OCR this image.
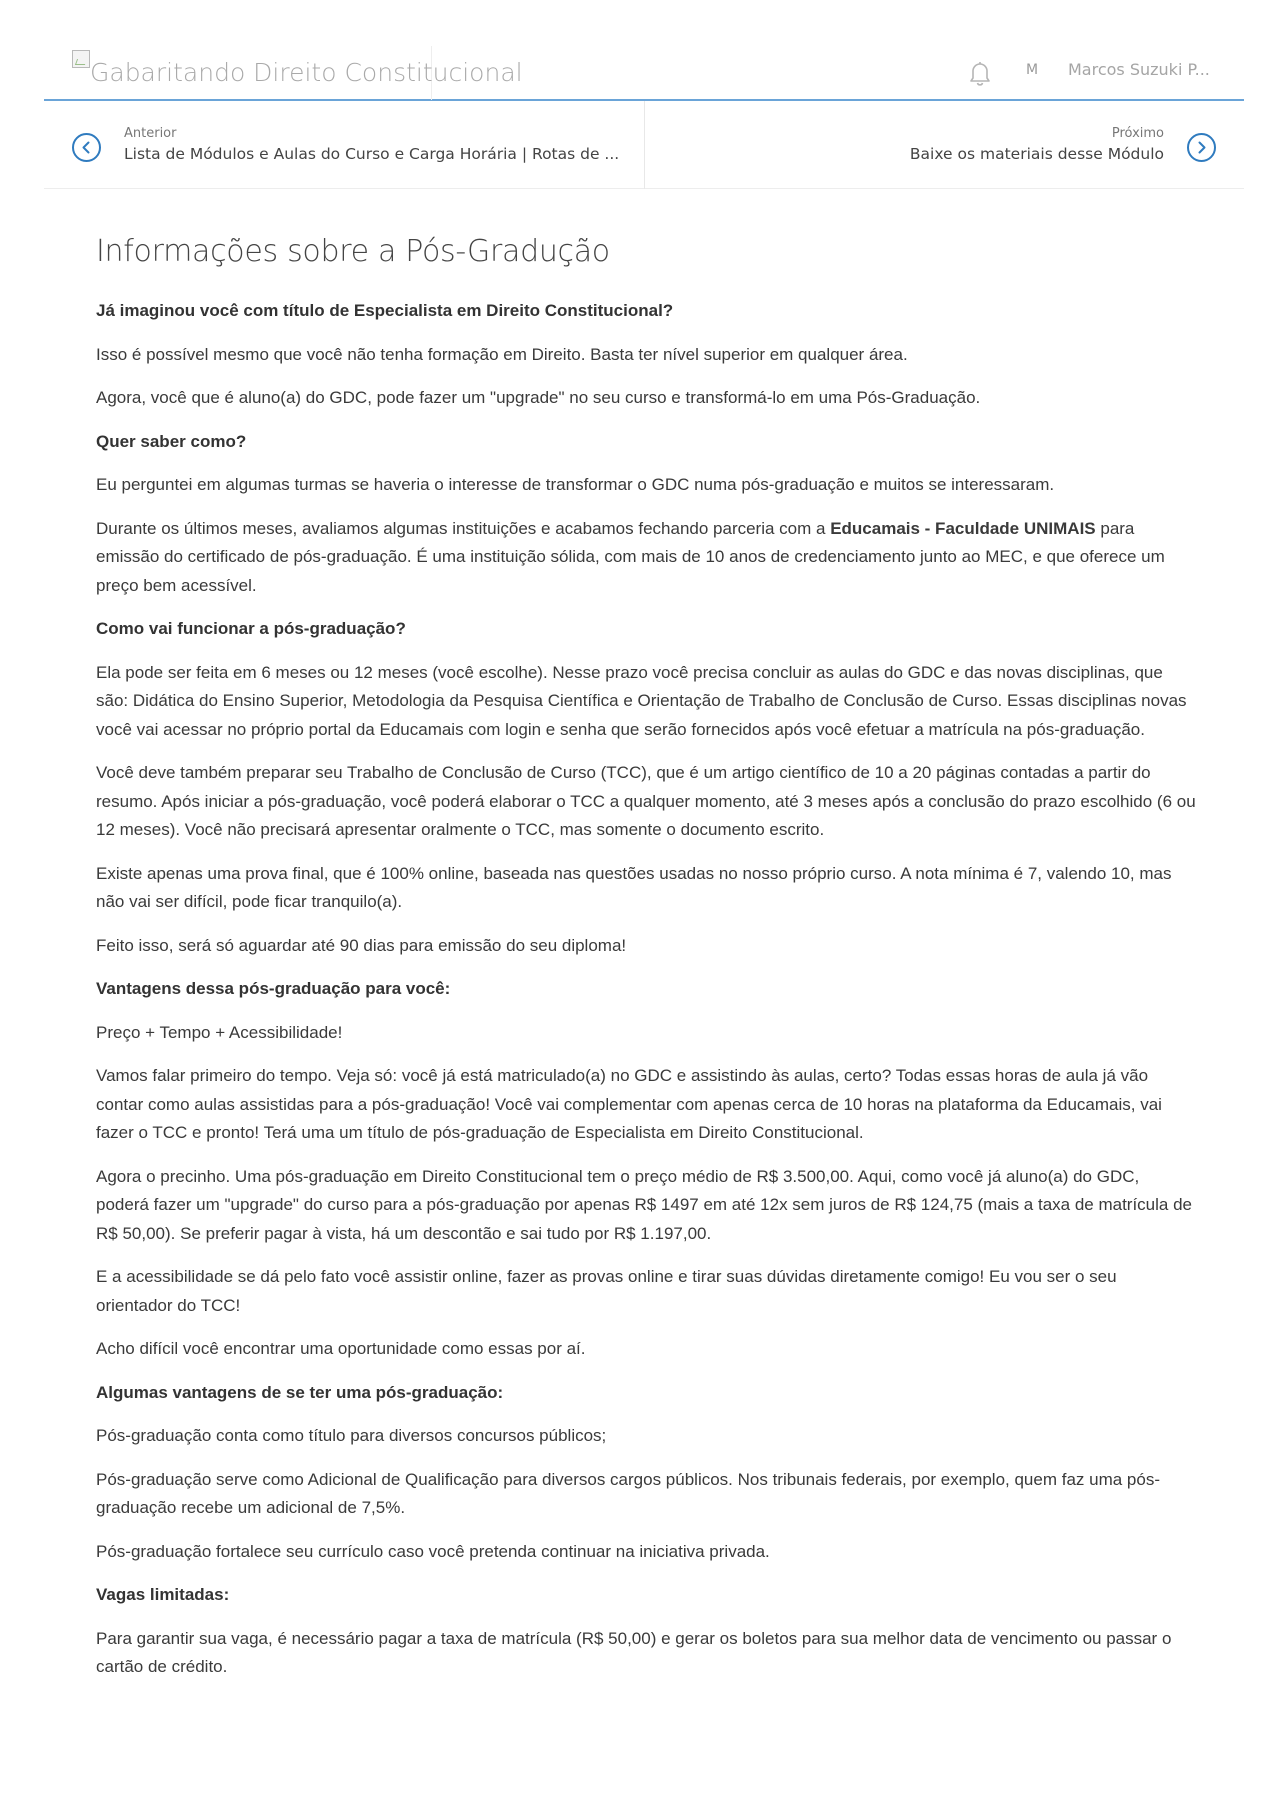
Gabaritando Direito Constitucional	M Marcos Suzuki P...
Anterior
Lista de Módulos e Aulas do Curso e Carga Horária | Rotas de ...
Próximo
Baixe os materiais desse Módulo
Informações sobre a Pós-Gradução

Já imaginou você com título de Especialista em Direito Constitucional?

Isso é possível mesmo que você não tenha formação em Direito. Basta ter nível superior em qualquer área.

Agora, você que é aluno(a) do GDC, pode fazer um "upgrade" no seu curso e transformá-lo em uma Pós-Graduação.

Quer saber como?

Eu perguntei em algumas turmas se haveria o interesse de transformar o GDC numa pós-graduação e muitos se interessaram.

Durante os últimos meses, avaliamos algumas instituições e acabamos fechando parceria com a Educamais - Faculdade UNIMAIS para emissão do certificado de pós-graduação. É uma instituição sólida, com mais de 10 anos de credenciamento junto ao MEC, e que oferece um preço bem acessível.

Como vai funcionar a pós-graduação?

Ela pode ser feita em 6 meses ou 12 meses (você escolhe). Nesse prazo você precisa concluir as aulas do GDC e das novas disciplinas, que são: Didática do Ensino Superior, Metodologia da Pesquisa Científica e Orientação de Trabalho de Conclusão de Curso. Essas disciplinas novas você vai acessar no próprio portal da Educamais com login e senha que serão fornecidos após você efetuar a matrícula na pós-graduação.

Você deve também preparar seu Trabalho de Conclusão de Curso (TCC), que é um artigo científico de 10 a 20 páginas contadas a partir do resumo. Após iniciar a pós-graduação, você poderá elaborar o TCC a qualquer momento, até 3 meses após a conclusão do prazo escolhido (6 ou 12 meses). Você não precisará apresentar oralmente o TCC, mas somente o documento escrito.

Existe apenas uma prova final, que é 100% online, baseada nas questões usadas no nosso próprio curso. A nota mínima é 7, valendo 10, mas não vai ser difícil, pode ficar tranquilo(a).

Feito isso, será só aguardar até 90 dias para emissão do seu diploma!

Vantagens dessa pós-graduação para você:

Preço + Tempo + Acessibilidade!

Vamos falar primeiro do tempo. Veja só: você já está matriculado(a) no GDC e assistindo às aulas, certo? Todas essas horas de aula já vão contar como aulas assistidas para a pós-graduação! Você vai complementar com apenas cerca de 10 horas na plataforma da Educamais, vai fazer o TCC e pronto! Terá uma um título de pós-graduação de Especialista em Direito Constitucional.

Agora o precinho. Uma pós-graduação em Direito Constitucional tem o preço médio de R$ 3.500,00. Aqui, como você já aluno(a) do GDC, poderá fazer um "upgrade" do curso para a pós-graduação por apenas R$ 1497 em até 12x sem juros de R$ 124,75 (mais a taxa de matrícula de R$ 50,00). Se preferir pagar à vista, há um descontão e sai tudo por R$ 1.197,00.

E a acessibilidade se dá pelo fato você assistir online, fazer as provas online e tirar suas dúvidas diretamente comigo! Eu vou ser o seu orientador do TCC!

Acho difícil você encontrar uma oportunidade como essas por aí.

Algumas vantagens de se ter uma pós-graduação:

Pós-graduação conta como título para diversos concursos públicos;

Pós-graduação serve como Adicional de Qualificação para diversos cargos públicos. Nos tribunais federais, por exemplo, quem faz uma pós-graduação recebe um adicional de 7,5%.

Pós-graduação fortalece seu currículo caso você pretenda continuar na iniciativa privada.

Vagas limitadas:

Para garantir sua vaga, é necessário pagar a taxa de matrícula (R$ 50,00) e gerar os boletos para sua melhor data de vencimento ou passar o cartão de crédito.
